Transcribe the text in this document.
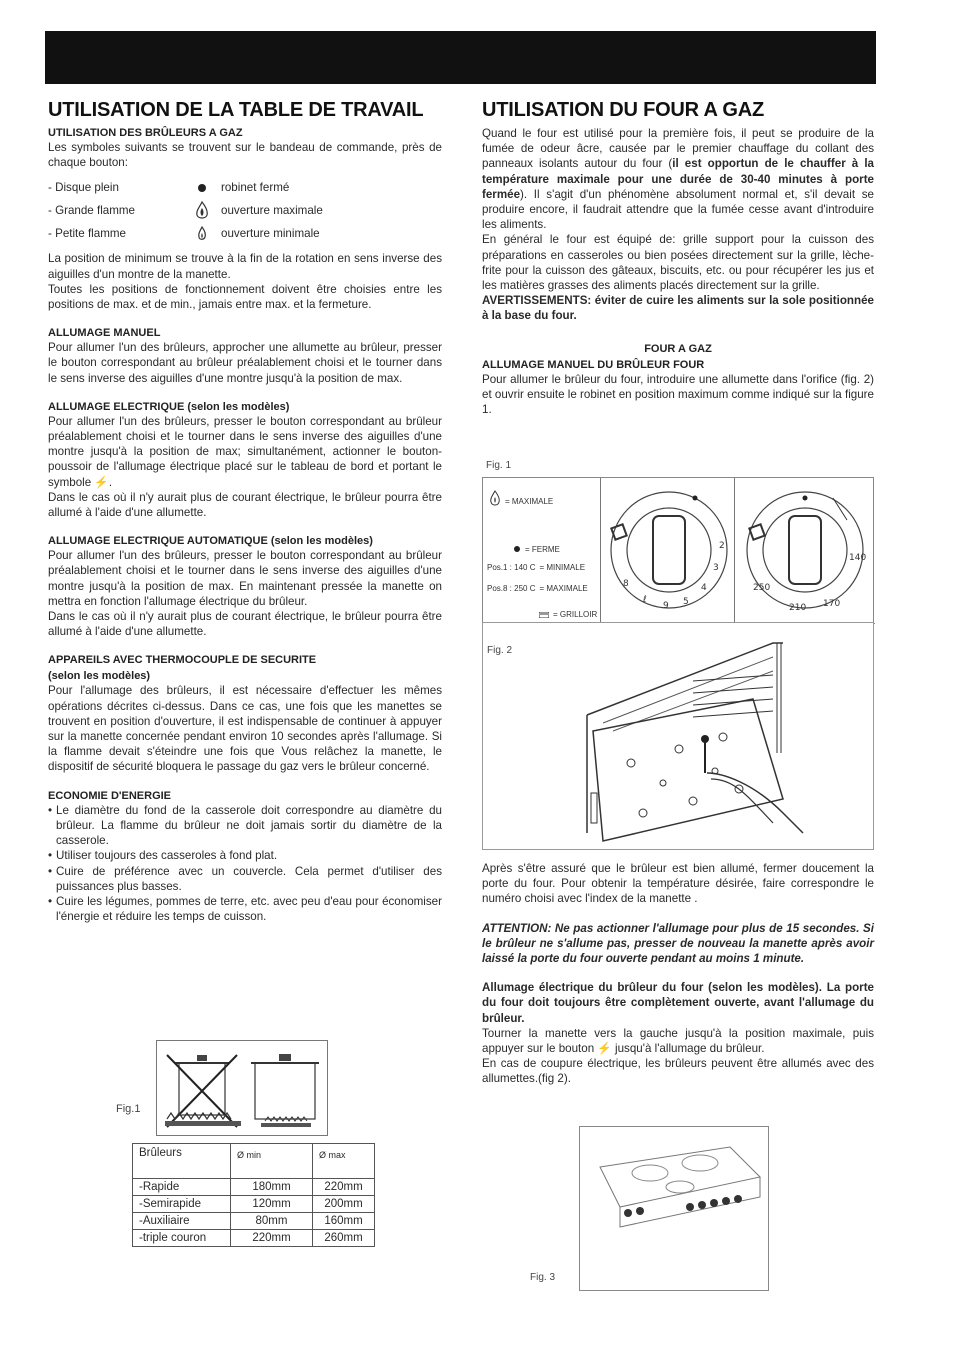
UTILISATION DE LA TABLE DE TRAVAIL
UTILISATION DES BRÛLEURS A GAZ

Les symboles suivants se trouvent sur le bandeau de commande, près de chaque bouton:

- Disque plein	robinet fermé
- Grande flamme	ouverture maximale
- Petite flamme	ouverture minimale

La position de minimum se trouve à la fin de la rotation en sens inverse des aiguilles d'un montre de la manette.

Toutes les positions de fonctionnement doivent être choisies entre les positions de max. et de min., jamais entre max. et la fermeture.

ALLUMAGE MANUEL

Pour allumer l'un des brûleurs, approcher une allumette au brûleur, presser le bouton correspondant au brûleur préalablement choisi et le tourner dans le sens inverse des aiguilles d'une montre jusqu'à la position de max.

ALLUMAGE ELECTRIQUE (selon les modèles)

Pour allumer l'un des brûleurs, presser le bouton correspondant au brûleur préalablement choisi et le tourner dans le sens inverse des aiguilles d'une montre jusqu'à la position de max; simultanément, actionner le bouton-poussoir de l'allumage électrique placé sur le tableau de bord et portant le symbole ⚡.

Dans le cas où il n'y aurait plus de courant électrique, le brûleur pourra être allumé à l'aide d'une allumette.

ALLUMAGE ELECTRIQUE AUTOMATIQUE (selon les modèles)

Pour allumer l'un des brûleurs, presser le bouton correspondant au brûleur préalablement choisi et le tourner dans le sens inverse des aiguilles d'une montre jusqu'à la position de max. En maintenant pressée la manette on mettra en fonction l'allumage électrique du brûleur.

Dans le cas où il n'y aurait plus de courant électrique, le brûleur pourra être allumé à l'aide d'une allumette.

APPAREILS AVEC THERMOCOUPLE DE SECURITE
(selon les modèles)

Pour l'allumage des brûleurs, il est nécessaire d'effectuer les mêmes opérations décrites ci-dessus. Dans ce cas, une fois que les manettes se trouvent en position d'ouverture, il est indispensable de continuer à appuyer sur la manette concernée pendant environ 10 secondes après l'allumage. Si la flamme devait s'éteindre une fois que Vous relâchez la manette, le dispositif de sécurité bloquera le passage du gaz vers le brûleur concerné.

ECONOMIE D'ENERGIE
• Le diamètre du fond de la casserole doit correspondre au diamètre du brûleur. La flamme du brûleur ne doit jamais sortir du diamètre de la casserole.
• Utiliser toujours des casseroles à fond plat.
• Cuire de préférence avec un couvercle. Cela permet d'utiliser des puissances plus basses.
• Cuire les légumes, pommes de terre, etc. avec peu d'eau pour économiser l'énergie et réduire les temps de cuisson.
Fig.1
Brûleurs	Ø min	Ø max
-Rapide	180mm	220mm
-Semirapide	120mm	200mm
-Auxiliaire	80mm	160mm
-triple couron	220mm	260mm
UTILISATION DU FOUR A GAZ

Quand le four est utilisé pour la première fois, il peut se produire de la fumée de odeur âcre, causée par le premier chauffage du collant des panneaux isolants autour du four (il est opportun de le chauffer à la température maximale pour une durée de 30-40 minutes à porte fermée). Il s'agit d'un phénomène absolument normal et, s'il devait se produire encore, il faudrait attendre que la fumée cesse avant d'introduire les aliments.

En général le four est équipé de: grille support pour la cuisson des préparations en casseroles ou bien posées directement sur la grille, lèche-frite pour la cuisson des gâteaux, biscuits, etc. ou pour récupérer les jus et les matières grasses des aliments placés directement sur la grille.

AVERTISSEMENTS: éviter de cuire les aliments sur la sole positionnée à la base du four.

FOUR A GAZ
ALLUMAGE MANUEL DU BRÛLEUR FOUR

Pour allumer le brûleur du four, introduire une allumette dans l'orifice (fig. 2) et ouvrir ensuite le robinet en position maximum comme indiqué sur la figure 1.

Fig. 1
= MAXIMALE
= FERME
Pos.1 : 140 C = MINIMALE
Pos.8 : 250 C = MAXIMALE
= GRILLOIR
ℓ
9 5
4
3
2
8	250
210 170
140
Fig. 2

Après s'être assuré que le brûleur est bien allumé, fermer doucement la porte du four. Pour obtenir la température désirée, faire correspondre le numéro choisi avec l'index de la manette .

ATTENTION: Ne pas actionner l'allumage pour plus de 15 secondes. Si le brûleur ne s'allume pas, presser de nouveau la manette après avoir laissé la porte du four ouverte pendant au moins 1 minute.

Allumage électrique du brûleur du four (selon les modèles). La porte du four doit toujours être complètement ouverte, avant l'allumage du brûleur.

Tourner la manette vers la gauche jusqu'à la position maximale, puis appuyer sur le bouton ⚡ jusqu'à l'allumage du brûleur.

En cas de coupure électrique, les brûleurs peuvent être allumés avec des allumettes.(fig 2).

Fig. 3
